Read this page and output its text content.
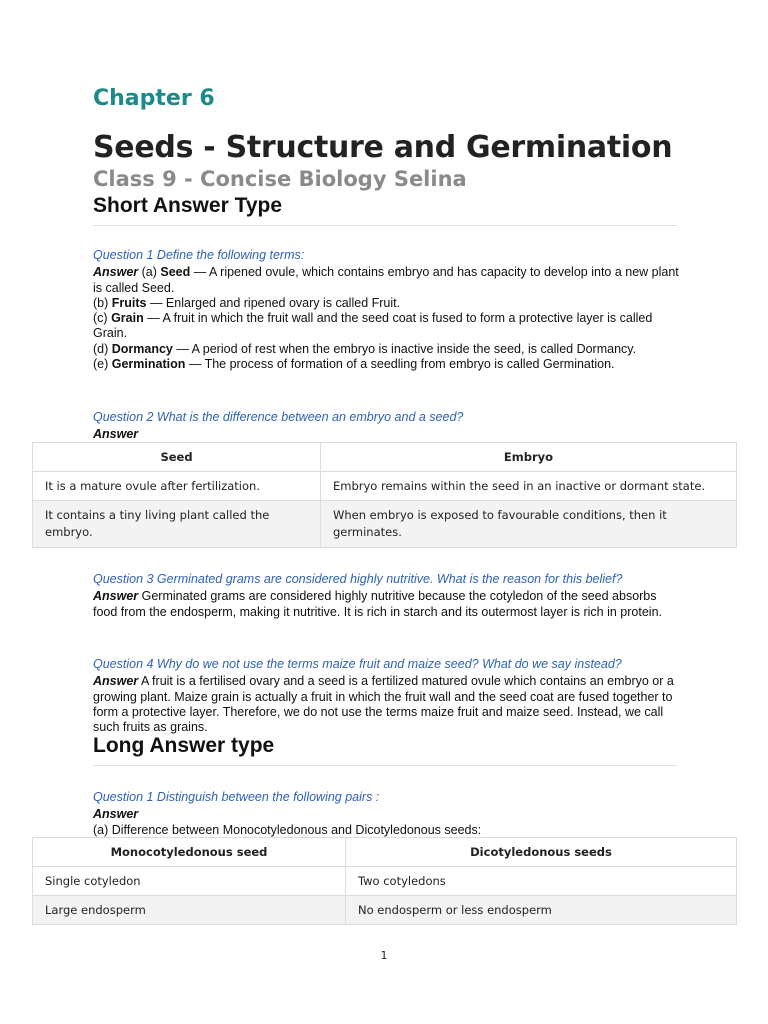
Chapter 6
Seeds - Structure and Germination
Class 9 - Concise Biology Selina
Short Answer Type
Question 1 Define the following terms:

Answer (a) Seed — A ripened ovule, which contains embryo and has capacity to develop into a new plant is called Seed.

(b) Fruits — Enlarged and ripened ovary is called Fruit.

(c) Grain — A fruit in which the fruit wall and the seed coat is fused to form a protective layer is called Grain.

(d) Dormancy — A period of rest when the embryo is inactive inside the seed, is called Dormancy.

(e) Germination — The process of formation of a seedling from embryo is called Germination.

Question 2 What is the difference between an embryo and a seed?

Answer

Seed	Embryo
It is a mature ovule after fertilization.	Embryo remains within the seed in an inactive or dormant state.
It contains a tiny living plant called the embryo.	When embryo is exposed to favourable conditions, then it germinates.
Question 3 Germinated grams are considered highly nutritive. What is the reason for this belief?

Answer Germinated grams are considered highly nutritive because the cotyledon of the seed absorbs food from the endosperm, making it nutritive. It is rich in starch and its outermost layer is rich in protein.

Question 4 Why do we not use the terms maize fruit and maize seed? What do we say instead?

Answer A fruit is a fertilised ovary and a seed is a fertilized matured ovule which contains an embryo or a growing plant. Maize grain is actually a fruit in which the fruit wall and the seed coat are fused together to form a protective layer. Therefore, we do not use the terms maize fruit and maize seed. Instead, we call such fruits as grains.

Long Answer type
Question 1 Distinguish between the following pairs :

Answer

(a) Difference between Monocotyledonous and Dicotyledonous seeds:

Monocotyledonous seed	Dicotyledonous seeds
Single cotyledon	Two cotyledons
Large endosperm	No endosperm or less endosperm
1
